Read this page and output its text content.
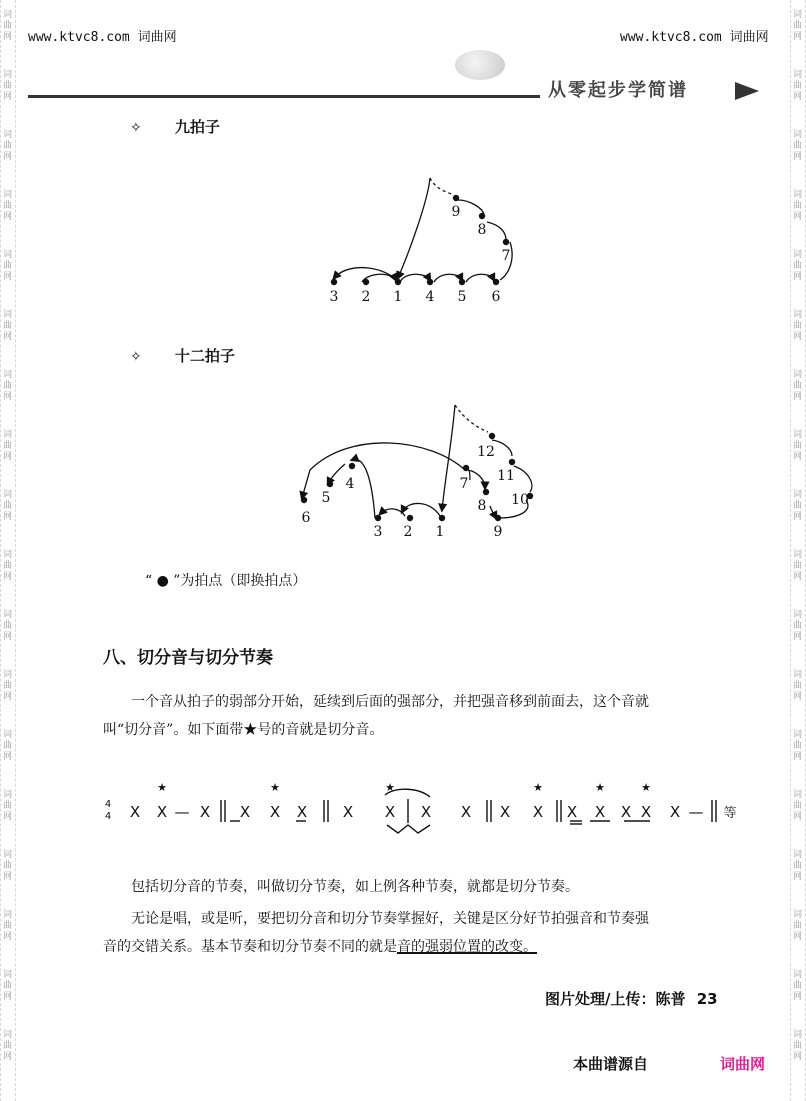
词
曲
网
词
曲
网
词
曲
网
词
曲
网
词
曲
网
词
曲
网
词
曲
网
词
曲
网
词
曲
网
词
曲
网
词
曲
网
词
曲
网
词
曲
网
词
曲
网
词
曲
网
词
曲
网
词
曲
网
词
曲
网
词
曲
网
词
曲
网
词
曲
网
词
曲
网
词
曲
网
词
曲
网
词
曲
网
词
曲
网
词
曲
网
词
曲
网
词
曲
网
词
曲
网
词
曲
网
词
曲
网
词
曲
网
词
曲
网
词
曲
网
词
曲
网
www.ktvc8.com 词曲网	www.ktvc8.com 词曲网
从零起步学简谱
✧ 九拍子
3 2 1 4 5 6
7
8
9
✧ 十二拍子
6
5
4
3 2 1
7
8
9
10
11
12
“ ● ”为拍点（即换拍点）
八、切分音与切分节奏
一个音从拍子的弱部分开始，延续到后面的强部分，并把强音移到前面去，这个音就
叫“切分音”。如下面带★号的音就是切分音。
4
4 X X X X X X X X X X X X X X X X X
—	—
★	★	★	★	★	★
等
包括切分音的节奏，叫做切分节奏，如上例各种节奏，就都是切分节奏。
无论是唱，或是听，要把切分音和切分节奏掌握好，关键是区分好节拍强音和节奏强
音的交错关系。基本节奏和切分节奏不同的就是音的强弱位置的改变。
图片处理/上传：陈普 23
本曲谱源自	词曲网
